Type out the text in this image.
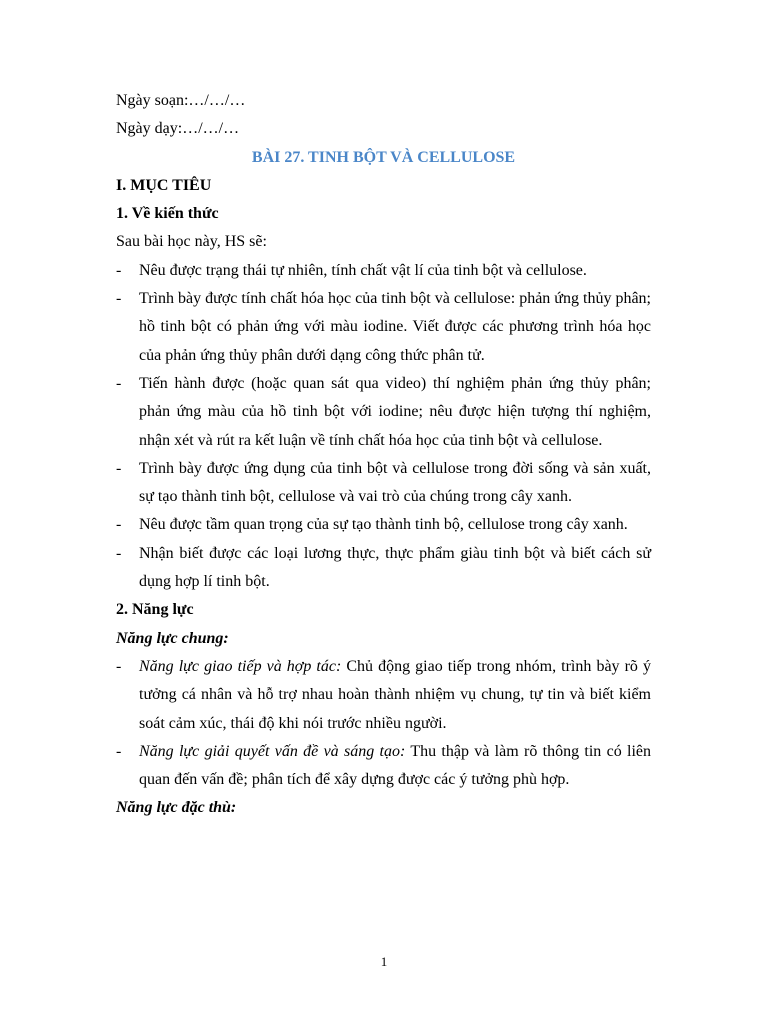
Ngày soạn:…/…/…
Ngày dạy:…/…/…
BÀI 27. TINH BỘT VÀ CELLULOSE
I. MỤC TIÊU
1. Về kiến thức
Sau bài học này, HS sẽ:
- Nêu được trạng thái tự nhiên, tính chất vật lí của tinh bột và cellulose.
- Trình bày được tính chất hóa học của tinh bột và cellulose: phản ứng thủy phân; hồ tinh bột có phản ứng với màu iodine. Viết được các phương trình hóa học của phản ứng thủy phân dưới dạng công thức phân tử.
- Tiến hành được (hoặc quan sát qua video) thí nghiệm phản ứng thủy phân; phản ứng màu của hồ tinh bột với iodine; nêu được hiện tượng thí nghiệm, nhận xét và rút ra kết luận về tính chất hóa học của tinh bột và cellulose.
- Trình bày được ứng dụng của tinh bột và cellulose trong đời sống và sản xuất, sự tạo thành tinh bột, cellulose và vai trò của chúng trong cây xanh.
- Nêu được tầm quan trọng của sự tạo thành tinh bộ, cellulose trong cây xanh.
- Nhận biết được các loại lương thực, thực phẩm giàu tinh bột và biết cách sử dụng hợp lí tinh bột.
2. Năng lực
Năng lực chung:
- Năng lực giao tiếp và hợp tác: Chủ động giao tiếp trong nhóm, trình bày rõ ý tưởng cá nhân và hỗ trợ nhau hoàn thành nhiệm vụ chung, tự tin và biết kiểm soát cảm xúc, thái độ khi nói trước nhiều người.
- Năng lực giải quyết vấn đề và sáng tạo: Thu thập và làm rõ thông tin có liên quan đến vấn đề; phân tích để xây dựng được các ý tưởng phù hợp.
Năng lực đặc thù:
1
